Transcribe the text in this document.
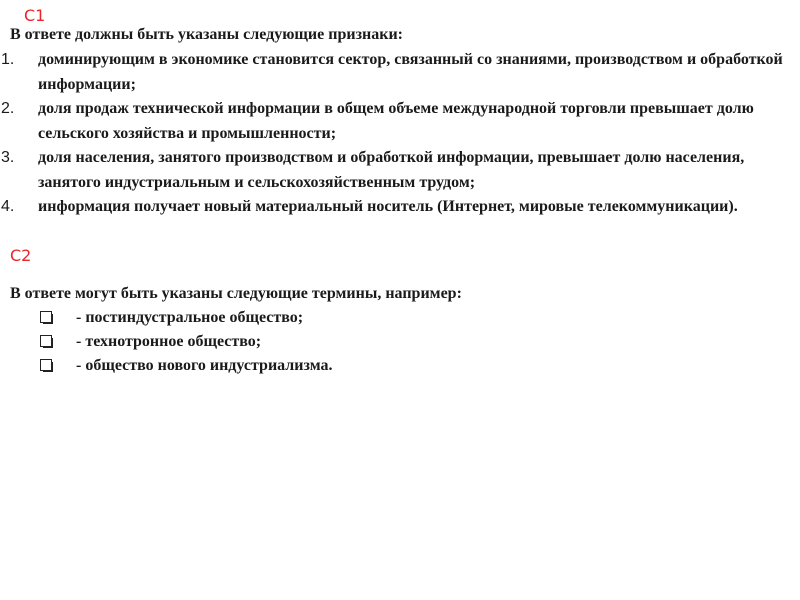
C1
В ответе должны быть указаны следующие признаки:
1. доминирующим в экономике становится сектор, связанный со знаниями, производством и обработкой информации;
2. доля продаж технической информации в общем объеме международной торговли превышает долю сельского хозяйства и промышленности;
3. доля населения, занятого производством и обработкой информации, превышает долю населения, занятого индустриальным и сельскохозяйственным трудом;
4. информация получает новый материальный носитель (Интернет, мировые телекоммуникации).
C2
В ответе могут быть указаны следующие термины, например:
- постиндустральное общество;
- технотронное общество;
- общество нового индустриализма.
